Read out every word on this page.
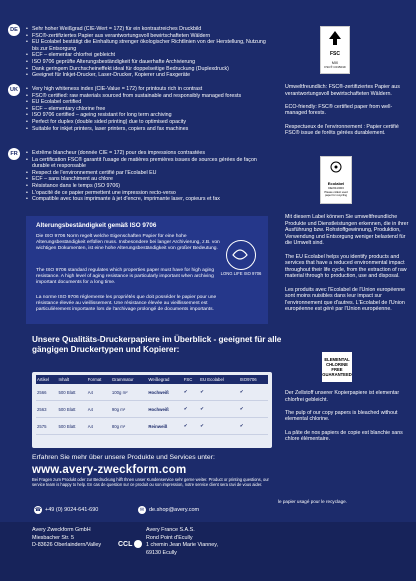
DE	• Sehr hoher Weißgrad (CIE-Wert = 172) für ein kontrastreiches Druckbild
• FSC®-zertifiziertes Papier aus verantwortungsvoll bewirtschafteten Wäldern
• EU Ecolabel bestätigt die Einhaltung strenger ökologischer Richtlinien von der Herstellung, Nutzung bis zur Entsorgung
• ECF – elementar chlorfrei gebleicht
• ISO 9706 geprüfte Alterungsbeständigkeit für dauerhafte Archivierung
• Dank geringem Durchscheineffekt ideal für doppelseitige Bedruckung (Duplexdruck)
• Geeignet für Inkjet-Drucker, Laser-Drucker, Kopierer und Faxgeräte
UK	• Very high whiteness index (CIE-Value = 172) for printouts rich in contrast
• FSC® certified: raw materials sourced from sustainable and responsibly managed forests
• EU Ecolabel certified
• ECF – elementary chlorine free
• ISO 9706 certified – ageing resistant for long term archiving
• Perfect for duplex (double sided printing) due to optimised opacity
• Suitable for inkjet printers, laser printers, copiers and fax machines
FR	• Extrême blancheur (donnée CIE = 172) pour des impressions contrastées
• La certification FSC® garantit l'usage de matières premières issues de sources gérées de façon durable et responsable
• Respect de l'environnement certifié par l'Ecolabel EU
• ECF – sans blanchiment au chlore
• Résistance dans le temps (ISO 9706)
• L'opacité de ce papier permettent une impression recto-verso
• Compatible avec tous imprimante à jet d'encre, imprimante laser, copieurs et fax
FSC
MIX
FSC® C015019
Umweltfreundlich: FSC®-zertifiziertes Papier aus verantwortungsvoll bewirtschafteten Wäldern.

ECO-friendly: FSC® certified paper from well-managed forests.

Respectueux de l'environnement : Papier certifié FSC® issue de forêts gérées durablement.
Ecolabel
DE/011/003
Please collect used paper for recycling
Mit diesem Label können Sie umweltfreundliche Produkte und Dienstleistungen erkennen, die in ihrer Ausführung bzw. Rohstoffgewinnung, Produktion, Verwendung und Entsorgung weniger belastend für die Umwelt sind.

The EU Ecolabel helps you identify products and services that have a reduced environmental impact throughout their life cycle, from the extraction of raw material through to production, use and disposal.

Les produits avec l'Ecolabel de l'Union européenne sont moins nuisibles dans leur impact sur l'environnement que d'autres. L'Ecolabel de l'Union européenne est géré par l'Union européenne.
ELEMENTAL CHLORINE FREE GUARANTEED
Der Zellstoff unserer Kopierpapiere ist elementar chlorfrei gebleicht.

The pulp of our copy papers is bleached without elemental chlorine.

La pâte de nos papiers de copie est blanchie sans chlore élémentaire.
le papier usagé pour le recyclage.
Alterungsbeständigkeit gemäß ISO 9706
Die ISO 9706 Norm regelt welche Eigenschaften Papier für eine hohe Alterungsbeständigkeit erfüllen muss. Insbesondere bei langer Archivierung, z.B. von wichtigen Dokumenten, ist eine hohe Alterungsbeständigkeit von großer Bedeutung.
The ISO 9706 standard regulates which properties paper must have for high aging resistance. A high level of aging resistance is particularly important when archiving important documents for a long time.
La norme ISO 9706 réglemente les propriétés que doit posséder le papier pour une résistance élevée au vieillissement. Une résistance élevée au vieillissement est particulièrement importante lors de l'archivage prolongé de documents importants.
LONG LIFE ISO 9706
Unsere Qualitäts-Druckerpapiere im Überblick - geeignet für alle gängigen Druckertypen und Kopierer:
Artikel	Inhalt	Format	Grammatur	Weißegrad	FSC	EU Ecolabel	ISO9706
2566	500 Blatt	A4	100g m²	Hochweiß	✔	✔	✔
2563	500 Blatt	A4	90g m²	Hochweiß	✔	✔	✔
2575	500 Blatt	A4	80g m²	Reinweiß	✔	✔	✔
Erfahren Sie mehr über unsere Produkte und Services unter:
www.avery-zweckform.com
Bei Fragen zum Produkt oder zur Bedruckung hilft Ihnen unser Kundenservice sehr gerne weiter. Product or printing questions, our service team is happy to help. En cas de question sur ce produit ou son impression, notre service client sera ravi de vous aider.
☎ +49 (0) 9024-641-690	✉ de.shop@avery.com
Avery Zweckform GmbH
Miesbacher Str. 5
D-83626 Oberlaindern/Valley CCL
Avery France S.A.S.
Rond Point d'Ecully
1 chemin Jean Marie Vianney,
69130 Ecully
